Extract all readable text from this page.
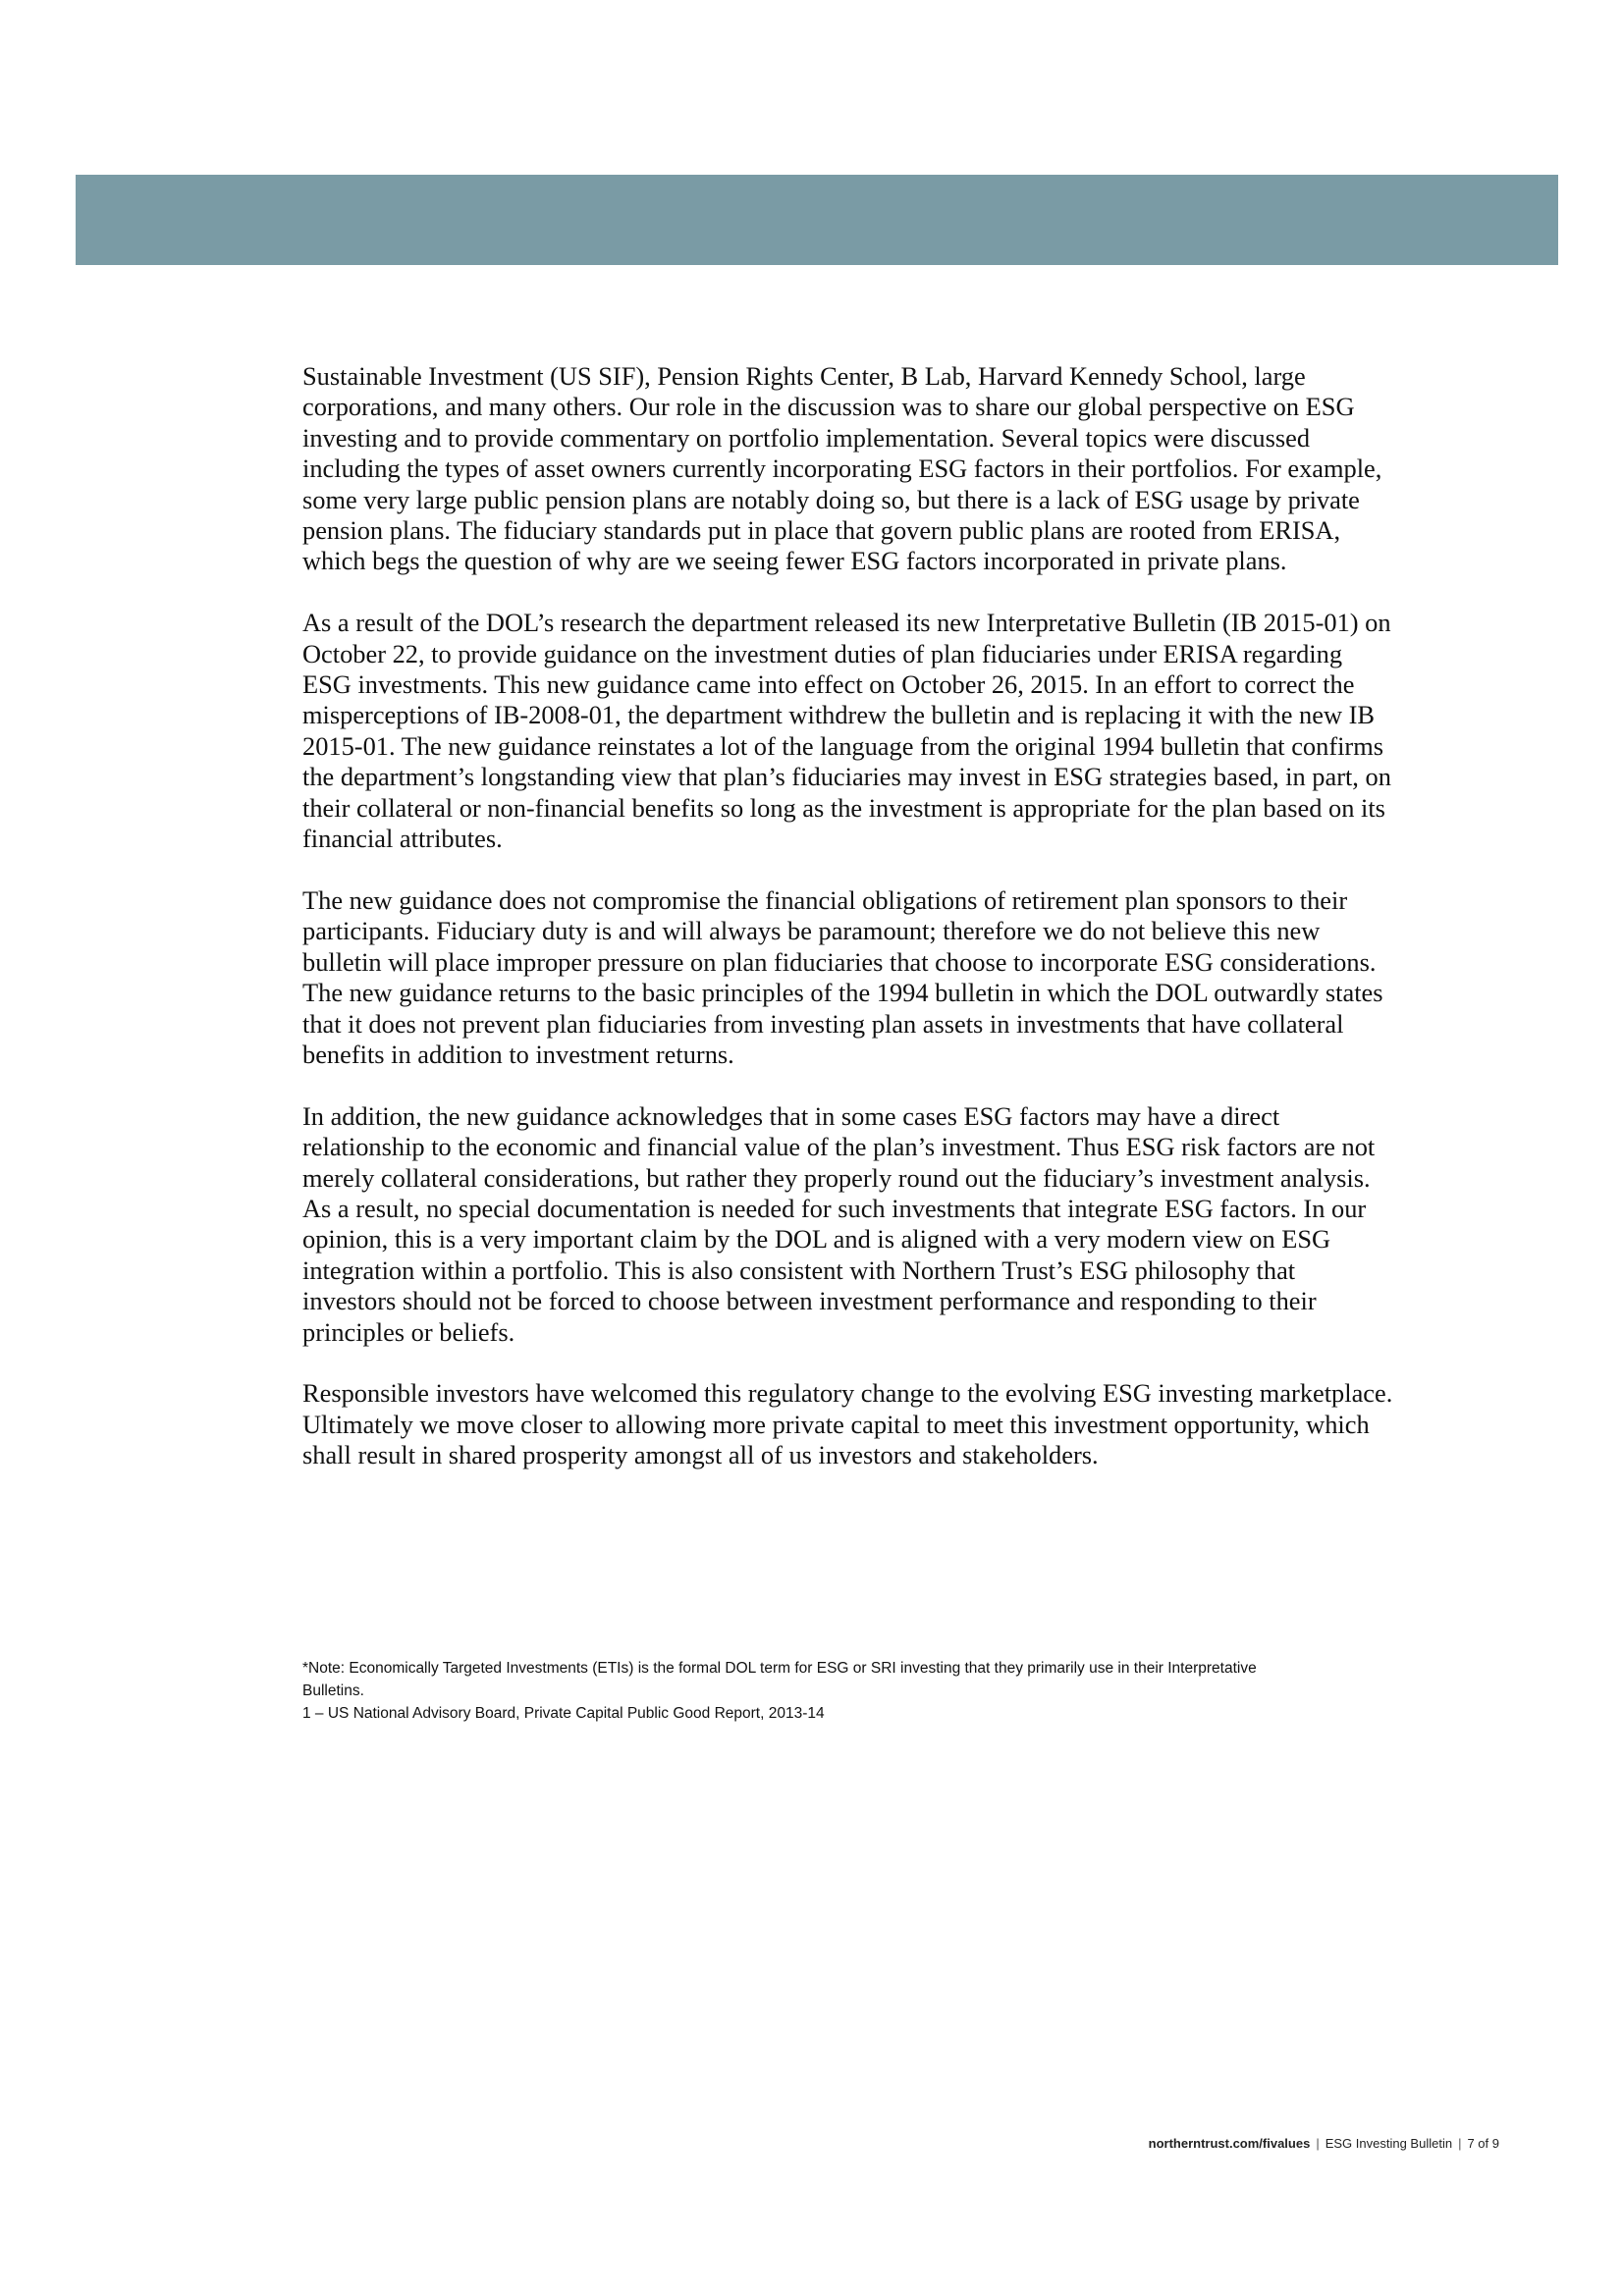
Sustainable Investment (US SIF), Pension Rights Center, B Lab, Harvard Kennedy School, large
corporations, and many others. Our role in the discussion was to share our global perspective on ESG
investing and to provide commentary on portfolio implementation. Several topics were discussed
including the types of asset owners currently incorporating ESG factors in their portfolios. For example,
some very large public pension plans are notably doing so, but there is a lack of ESG usage by private
pension plans. The fiduciary standards put in place that govern public plans are rooted from ERISA,
which begs the question of why are we seeing fewer ESG factors incorporated in private plans.

As a result of the DOL’s research the department released its new Interpretative Bulletin (IB 2015-01) on
October 22, to provide guidance on the investment duties of plan fiduciaries under ERISA regarding
ESG investments. This new guidance came into effect on October 26, 2015. In an effort to correct the
misperceptions of IB-2008-01, the department withdrew the bulletin and is replacing it with the new IB
2015-01. The new guidance reinstates a lot of the language from the original 1994 bulletin that confirms
the department’s longstanding view that plan’s fiduciaries may invest in ESG strategies based, in part, on
their collateral or non-financial benefits so long as the investment is appropriate for the plan based on its
financial attributes.

The new guidance does not compromise the financial obligations of retirement plan sponsors to their
participants. Fiduciary duty is and will always be paramount; therefore we do not believe this new
bulletin will place improper pressure on plan fiduciaries that choose to incorporate ESG considerations.
The new guidance returns to the basic principles of the 1994 bulletin in which the DOL outwardly states
that it does not prevent plan fiduciaries from investing plan assets in investments that have collateral
benefits in addition to investment returns.

In addition, the new guidance acknowledges that in some cases ESG factors may have a direct
relationship to the economic and financial value of the plan’s investment. Thus ESG risk factors are not
merely collateral considerations, but rather they properly round out the fiduciary’s investment analysis.
As a result, no special documentation is needed for such investments that integrate ESG factors. In our
opinion, this is a very important claim by the DOL and is aligned with a very modern view on ESG
integration within a portfolio. This is also consistent with Northern Trust’s ESG philosophy that
investors should not be forced to choose between investment performance and responding to their
principles or beliefs.

Responsible investors have welcomed this regulatory change to the evolving ESG investing marketplace.
Ultimately we move closer to allowing more private capital to meet this investment opportunity, which
shall result in shared prosperity amongst all of us investors and stakeholders.

*Note: Economically Targeted Investments (ETIs) is the formal DOL term for ESG or SRI investing that they primarily use in their Interpretative
Bulletins.

1 – US National Advisory Board, Private Capital Public Good Report, 2013-14

northerntrust.com/fivalues | ESG Investing Bulletin | 7 of 9
